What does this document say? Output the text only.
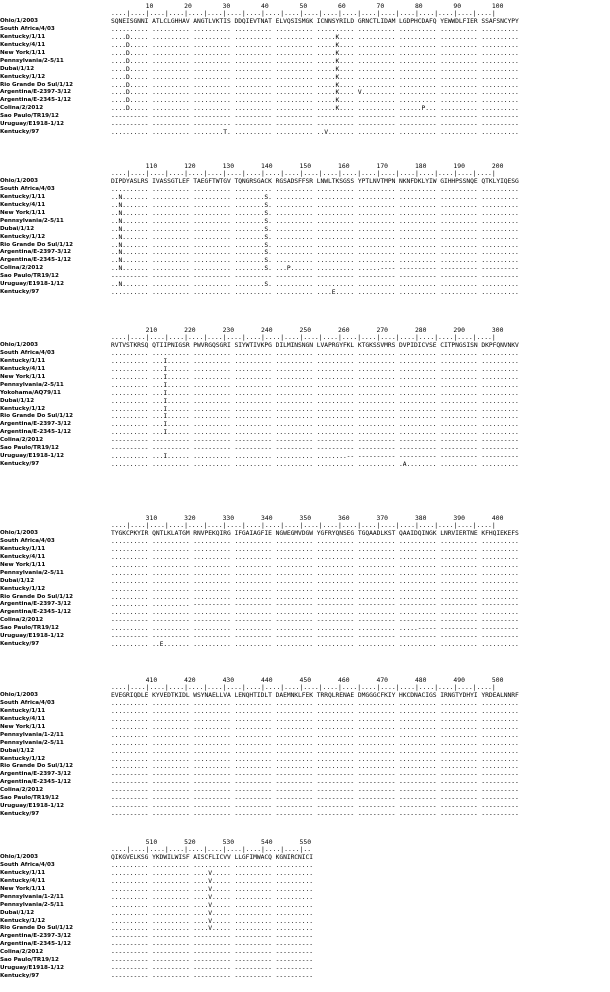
10        20        30        40        50        60        70        80        90        100
....|....|....|....|....|....|....|....|....|....|....|....|....|....|....|....|....|....|....|....|
Ohio/1/2003
South Africa/4/03
Kentucky/1/11
Kentucky/4/11
New York/1/11
Pennsylvania/2-5/11
Dubai/1/12
Kentucky/1/12
Rio Grande Do Sul/1/12
Argentina/E-2397-3/12
Argentina/E-2345-1/12
Colina/2/2012
Sao Paulo/TR19/12
Uruguay/E1918-1/12
Kentucky/97
SQNEISGNNI ATLCLGHHAV ANGTLVKTIS DDQIEVTNAT ELVQSISMGK ICNNSYRILD GRNCTLIDAM LGDPHCDAFQ YEWWDLFIER SSAFSNCYPY
.......... .......... .......... .......... .......... .......... .......... .......... .......... ..........
....D..... .......... .......... .......... .......... .....K.... .......... .......... .......... ..........
....D..... .......... .......... .......... .......... .....K.... .......... .......... .......... ..........
....D..... .......... .......... .......... .......... .....K.... .......... .......... .......... ..........
....D..... .......... .......... .......... .......... .....K.... .......... .......... .......... ..........
....D..... .......... .......... .......... .......... .....K.... .......... .......... .......... ..........
....D..... .......... .......... .......... .......... .....K.... .......... .......... .......... ..........
....D..... .......... .......... .......... .......... .....K.... .......... .......... .......... ..........
....D..... .......... .......... .......... .......... .....K.... V......... .......... .......... ..........
....D..... .......... .......... .......... .......... .....K.... .......... .......... .......... ..........
....D..... .......... .......... .......... .......... .....K.... .......... ......P... .......... ..........
---------- ---------- ---------- ---------- ---------- ---------- ---------- ---------- ---------- ----------
---------- ---------- ---------- ---------- ---------- ---------- ---------- ---------- ---------- ----------
.......... .......... ........T. .......... .......... ..V....... .......... .......... .......... ..........
110       120       130       140       150       160       170       180       190       200
....|....|....|....|....|....|....|....|....|....|....|....|....|....|....|....|....|....|....|....|
Ohio/1/2003
South Africa/4/03
Kentucky/1/11
Kentucky/4/11
New York/1/11
Pennsylvania/2-5/11
Dubai/1/12
Kentucky/1/12
Rio Grande Do Sul/1/12
Argentina/E-2397-3/12
Argentina/E-2345-1/12
Colina/2/2012
Sao Paulo/TR19/12
Uruguay/E1918-1/12
Kentucky/97
DIPDYASLRS IVASSGTLEF TAEGFTWTGV TQNGRSGACK RGSADSFFSR LNWLTKSGSS YPTLNVTMPN NKNFDKLYIW GIHHPSSNQE QTKLYIQESG
.......... .......... .......... .......... .......... .......... .......... .......... .......... ..........
..N....... .......... .......... ........S. .......... .......... .......... .......... .......... ..........
..N....... .......... .......... ........S. .......... .......... .......... .......... .......... ..........
..N....... .......... .......... ........S. .......... .......... .......... .......... .......... ..........
..N....... .......... .......... ........S. .......... .......... .......... .......... .......... ..........
..N....... .......... .......... ........S. .......... .......... .......... .......... .......... ..........
..N....... .......... .......... ........S. .......... .......... .......... .......... .......... ..........
..N....... .......... .......... ........S. .......... .......... .......... .......... .......... ..........
..N....... .......... .......... ........S. .......... .......... .......... .......... .......... ..........
..N....... .......... .......... ........S. .......... .......... .......... .......... .......... ..........
..N....... .......... .......... ........S. ...P...... .......... ......---- ---------- ---------- ----------
---------- ---------- ---------- ---------- ---------- ---------- ---------- ---------- ---------- ----------
..N....... .......... .......... ........S. .......... .......... .......... .......... .......... ..........
.......... .......... .......... .......... .......... ....E..... .......... .......... .......... ..........
210       220       230       240       250       260       270       280       290       300
....|....|....|....|....|....|....|....|....|....|....|....|....|....|....|....|....|....|....|....|
Ohio/1/2003
South Africa/4/03
Kentucky/1/11
Kentucky/4/11
New York/1/11
Pennsylvania/2-5/11
Yokohama/AQ79/11
Dubai/1/12
Kentucky/1/12
Rio Grande Do Sul/1/12
Argentina/E-2397-3/12
Argentina/E-2345-1/12
Colina/2/2012
Sao Paulo/TR19/12
Uruguay/E1918-1/12
Kentucky/97
RVTVSTKRSQ QTIIPNIGSR PWVRGQSGRI SIYWTIVKPG DILMINSNGN LVAPRGYFKL KTGKSSVMRS DVPIDICVSE CITPNGSISN DKPFQNVNKV
.......... .......... .......... .......... .......... .......... .......... .......... .......... ..........
.......... ...I...... .......... .......... .......... .......... .......... .......... .......... ..........
.......... ...I...... .......... .......... .......... .......... .......... .......... .......... ..........
.......... ...I...... .......... .......... .......... .......... .......... .......... .......... ..........
.......... ...I...... .......... .......... .......... .......... .......... .......... .......... ..........
.......... ...I...... .......... .......... .......... .......... .......... .......... .......... ..........
.......... ...I...... .......... .......... .......... .......... .......... .......... .......... ..........
.......... ...I...... .......... .......... .......... .......... .......... .......... .......... ..........
.......... ...I...... .......... .......... .......... .......... .......... .......... .......... ..........
.......... ...I...... .......... .......... .......... .......... .......... .......... .......... ..........
.......... ...I...... .......... .......... .......... .......... .......... .......... .......... ..........
---------- ---------- ---------- ---------- ---------- ---------- ---------- ---------- ---------- ----------
---------- ---------- ---------- ---------- ---------- ---------- ---------- ---------- ---------- ----------
.......... ...I...... .......... .......... .......... ........-- ---------- ---------- ---------- ----------
.......... .......... .......... .......... .......... .......... .......... .A........ .......... ..........
310       320       330       340       350       360       370       380       390       400
....|....|....|....|....|....|....|....|....|....|....|....|....|....|....|....|....|....|....|....|
Ohio/1/2003
South Africa/4/03
Kentucky/1/11
Kentucky/4/11
New York/1/11
Pennsylvania/2-5/11
Dubai/1/12
Kentucky/1/12
Rio Grande Do Sul/1/12
Argentina/E-2397-3/12
Argentina/E-2345-1/12
Colina/2/2012
Sao Paulo/TR19/12
Uruguay/E1918-1/12
Kentucky/97
TYGKCPKYIR QNTLKLATGM RNVPEKQIRG IFGAIAGFIE NGWEGMVDGW YGFRYQNSEG TGQAADLKST QAAIDQINGK LNRVIERTNE KFHQIEKEFS
.......... .......... .......... .......... .......... .......... .......... .......... .......... ..........
.......... .......... .......... .......... .......... .......... .......... .......... .......... ..........
.......... .......... .......... .......... .......... .......... .......... .......... .......... ..........
.......... .......... .......... .......... .......... .......... .......... .......... .......... ..........
.......... .......... .......... .......... .......... .......... .......... .......... .......... ..........
.......... .......... .......... .......... .......... .......... .......... .......... .......... ..........
.......... .......... .......... .......... .......... .......... .......... .......... .......... ..........
.......... .......... .......... .......... .......... .......... .......... .......... .......... ..........
.......... .......... ---------- ---------- ---------- ---------- ---------- ---------- ---------- ----------
.......... .......... .......... .......... .......... .......... .......... .......... .......... ..........
---------- ---------- ---------- ---------- ---------- ---------- ---------- ---------- ---------- ----------
.......... .......... .......... .......... .......... .......... .......... .....----- ---------- ----------
---------- ---------- ---------- ---------- ---------- ---------- ---------- ---------- ---------- ----------
.......... ..E....... .......... .......... .......... .......... .......... .......... .......... ..........
410       420       430       440       450       460       470       480       490       500
....|....|....|....|....|....|....|....|....|....|....|....|....|....|....|....|....|....|....|....|
Ohio/1/2003
South Africa/4/03
Kentucky/1/11
Kentucky/4/11
New York/1/11
Pennsylvania/1-2/11
Pennsylvania/2-5/11
Dubai/1/12
Kentucky/1/12
Rio Grande Do Sul/1/12
Argentina/E-2397-3/12
Argentina/E-2345-1/12
Colina/2/2012
Sao Paulo/TR19/12
Uruguay/E1918-1/12
Kentucky/97
EVEGRIQDLE KYVEDTKIDL WSYNAELLVA LENQHTIDLT DAEMNKLFEK TRRQLRENAE DMGGGCFKIY HKCDNACIGS IRNGTYDHYI YRDEALNNRF
.......... .......... .......... .......... .......... .......... .......... .......... .......... ..........
.......... .......... .......... .......... .......... .......... .......... .......... .......... ..........
.......... .......... .......... .......... .......... .......... .......... .......... .......... ..........
.......... .......... .......... .......... .......... .......... .......... .......... .......... ..........
.......... .......... .......... .......... .......... .......... .......... .......... .......... ..........
.......... .......... .......... .......... .......... .......... .......... .......... .......... ..........
.......... .......... .......... .......... .......... .......... .......... .......... .......... ..........
.......... .......... .......... .......... .......... .......... .......... .......... .......... ..........
.......... .......... .......... .......... .......... .......... .......... .......... .......... ..........
---------- ---------- ---------- ---------- ---------- ---------- ---------- ---------- ---------- ----------
---------- ---------- ---------- ---------- ---------- ---------- ---------- ---------- ---------- ----------
---------- ---------- ---------- ---------- ---------- ---------- ---------- ---------- ---------- ----------
---------- ---------- ---------- ---------- ---------- ---------- ---------- ---------- ---------- ----------
---------- ---------- ---------- ---------- ---------- ---------- ---------- ---------- ---------- ----------
---------- ---------- ---------- ---------- ---------- ---------- ---------- ---------- ---------- ----------
510       520       530       540       550
....|....|....|....|....|....|....|....|....|....|..
Ohio/1/2003
South Africa/4/03
Kentucky/1/11
Kentucky/4/11
New York/1/11
Pennsylvania/1-2/11
Pennsylvania/2-5/11
Dubai/1/12
Kentucky/1/12
Rio Grande Do Sul/1/12
Argentina/E-2397-3/12
Argentina/E-2345-1/12
Colina/2/2012
Sao Paulo/TR19/12
Uruguay/E1918-1/12
Kentucky/97
QIKGVELKSG YKDWILWISF AISCFLICVV LLGFIMWACQ KGNIRCNICI
.......... .......... .......... .......... ..........
.......... .......... ....V..... .......... ..........
.......... .......... ....V..... .......... ..........
.......... .......... ....V..... .......... ..........
.......... .......... ....V..... .......... ..........
.......... .......... ....V..... .......... ..........
.......... .......... ....V..... .......... ..........
.......... .......... ....V..... .......... ..........
.......... .......... ....V..... .......... ..........
---------- ---------- ---------- ---------- ----------
---------- ---------- ---------- ---------- ----------
---------- ---------- ---------- ---------- ----------
---------- ---------- ---------- ---------- ----------
---------- ---------- ---------- ---------- ----------
---------- ---------- ---------- ---------- ----------
